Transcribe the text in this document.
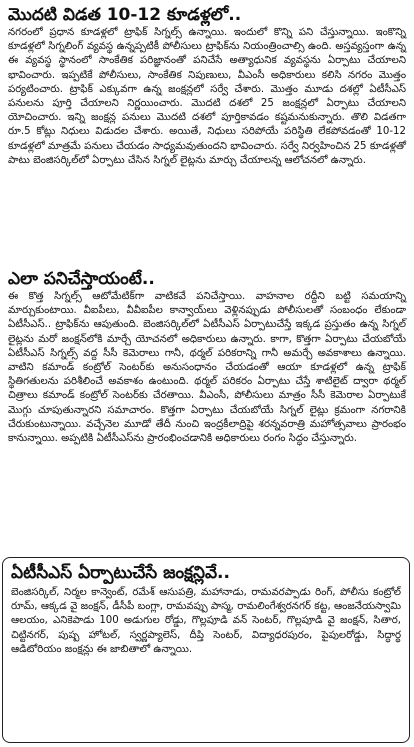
మొదటి విడత 10-12 కూడళ్లలో..

నగరంలో ప్రధాన కూడళ్లలో ట్రాఫిక్ సిగ్నల్స్ ఉన్నాయి. ఇందులో కొన్ని పని చేస్తున్నాయి. ఇంకొన్ని కూడళ్లలో సిగ్నలింగ్ వ్యవస్థ ఉన్నప్పటికీ పోలీసులు ట్రాఫిక్‌ను నియంత్రించాల్సి ఉంది. అస్తవ్యస్తంగా ఉన్న ఈ వ్యవస్థ స్థానంలో సాంకేతిక పరిజ్ఞానంతో పనిచేసే అత్యాధునిక వ్యవస్థను ఏర్పాటు చేయాలని భావించారు. ఇప్పటికే పోలీసులు, సాంకేతిక నిపుణులు, వీఎంసీ అధికారులు కలిసి నగరం మొత్తం పర్యటించారు. ట్రాఫిక్ ఎక్కువగా ఉన్న జంక్షన్లలో సర్వే చేశారు. మొత్తం మూడు దశల్లో ఏటీసీఎస్ పనులను పూర్తి చేయాలని నిర్ణయించారు. మొదటి దశలో 25 జంక్షన్లలో ఏర్పాటు చేయాలని యోచించారు. ఇన్ని జంక్షన్ల పనులు మొదటి దశలో పూర్తికావడం కష్టమనుకున్నారు. తొలి విడతగా రూ.5 కోట్లు నిధులు విడుదల చేశారు. అయితే, నిధులు సరిపోయే పరిస్థితి లేకపోవడంతో 10-12 కూడళ్లలో మాత్రమే పనులు చేయడం సాధ్యమవుతుందని భావించారు. సర్వే నిర్వహించిన 25 కూడళ్లతో పాటు బెంజిసర్కిల్‌లో ఏర్పాటు చేసిన సిగ్నల్ లైట్లను మార్చు చేయాలన్న ఆలోచనలో ఉన్నారు.

ఎలా పనిచేస్తాయంటే..

ఈ కొత్త సిగ్నల్స్ ఆటోమేటిక్‌గా వాటికవే పనిచేస్తాయి. వాహనాల రద్దీని బట్టి సమయాన్ని మార్చుకుంటాయి. వీఐపీలు, వీవీఐపీల కాన్వాయ్‌లు వెళ్లినప్పుడు పోలీసులతో సంబంధం లేకుండా ఏటీసీఎస్.. ట్రాఫిక్‌ను ఆపుతుంది. బెంజిసర్కిల్‌లో ఏటీసీఎస్ ఏర్పాటుచేస్తే ఇక్కడ ప్రస్తుతం ఉన్న సిగ్నల్ లైట్లను మరో జంక్షన్‌లోకి మార్చే యోచనలో అధికారులు ఉన్నారు. కాగా, కొత్తగా ఏర్పాటు చేయబోయే ఏటీసీఎస్ సిగ్నల్స్ వద్ద సీసీ కెమెరాలు గానీ, థర్మల్ పరికరాన్ని గానీ అమర్చే అవకాశాలు ఉన్నాయి. వాటిని కమాండ్ కంట్రోల్ సెంటర్‌కు అనుసంధానం చేయడంతో ఆయా కూడళ్లలో ఉన్న ట్రాఫిక్ స్థితిగతులను పరిశీలించే అవకాశం ఉంటుంది. థర్మల్ పరికరం ఏర్పాటు చేస్తే శాటిలైట్ ద్వారా థర్మల్ చిత్రాలు కమాండ్ కంట్రోల్ సెంటర్‌కు చేరతాయి. వీఎంసీ, పోలీసులు మాత్రం సీసీ కెమెరాల ఏర్పాటుకే మొగ్గు చూపుతున్నారని సమాచారం. కొత్తగా ఏర్పాటు చేయబోయే సిగ్నల్ లైట్లు క్రమంగా నగరానికి చేరుకుంటున్నాయి. వచ్చేనెల మూడో తేదీ నుంచి ఇంద్రకీలాద్రిపై శరన్నవరాత్రి మహోత్సవాలు ప్రారంభం కానున్నాయి. అప్పటికి ఏటీసీఎస్‌ను ప్రారంభించడానికి అధికారులు రంగం సిద్ధం చేస్తున్నారు.

ఏటీసీఎస్ ఏర్పాటుచేసే జంక్షన్లివే..

బెంజిసర్కిల్, నిర్మల కాన్వెంట్, రమేశ్ ఆసుపత్రి, మహానాడు, రామవరప్పాడు రింగ్, పోలీసు కంట్రోల్ రూమ్, ఆక్కడ వై జంక్షన్, డీసీపీ బంగ్లా, రామవప్పు పాస్మ, రామలింగేశ్వరనగర్ కట్ట, ఆంజనేయస్వామి ఆలయం, ఎనికెపాడు 100 అడుగుల రోడ్డు, గొల్లపూడి వన్ సెంటర్, గొల్లపూడి వై జంక్షన్, సితార, చిట్టినగర్, పుష్ప హోటల్, స్వర్ణప్యాలెస్, దీప్తి సెంటర్, విద్యాధరపురం, పైపులరోడ్డు, సిద్ధార్థ ఆడిటోరియం జంక్షన్లు ఈ జాబితాలో ఉన్నాయి.
